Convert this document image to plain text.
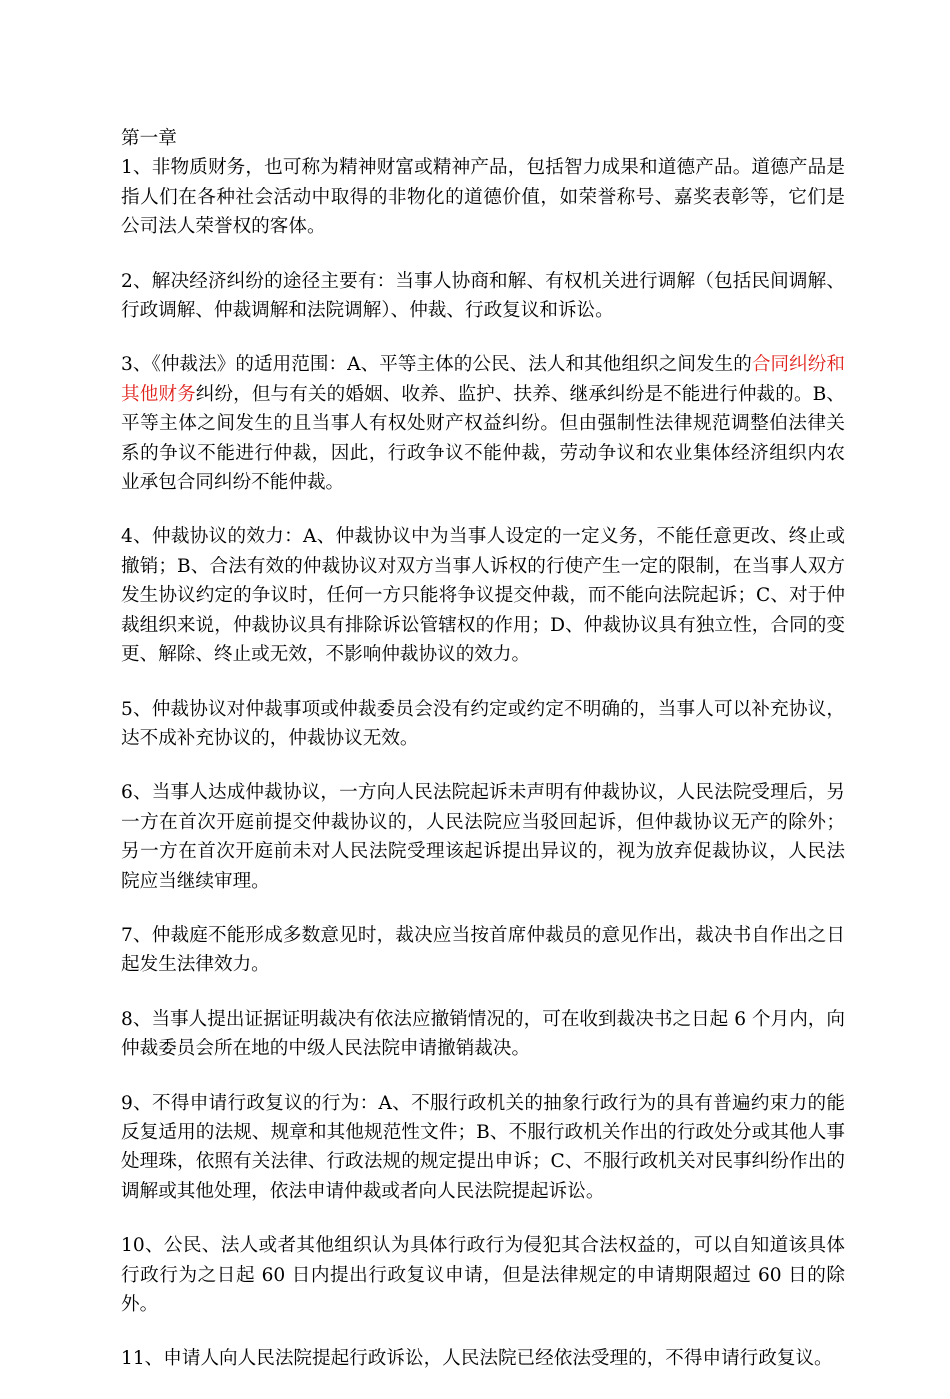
第一章

1、非物质财务，也可称为精神财富或精神产品，包括智力成果和道德产品。道德产品是指人们在各种社会活动中取得的非物化的道德价值，如荣誉称号、嘉奖表彰等，它们是公司法人荣誉权的客体。

2、解决经济纠纷的途径主要有：当事人协商和解、有权机关进行调解（包括民间调解、行政调解、仲裁调解和法院调解）、仲裁、行政复议和诉讼。

3、《仲裁法》的适用范围：A、平等主体的公民、法人和其他组织之间发生的合同纠纷和其他财务纠纷，但与有关的婚姻、收养、监护、扶养、继承纠纷是不能进行仲裁的。B、平等主体之间发生的且当事人有权处财产权益纠纷。但由强制性法律规范调整伯法律关系的争议不能进行仲裁，因此，行政争议不能仲裁，劳动争议和农业集体经济组织内农业承包合同纠纷不能仲裁。

4、仲裁协议的效力：A、仲裁协议中为当事人设定的一定义务，不能任意更改、终止或撤销；B、合法有效的仲裁协议对双方当事人诉权的行使产生一定的限制，在当事人双方发生协议约定的争议时，任何一方只能将争议提交仲裁，而不能向法院起诉；C、对于仲裁组织来说，仲裁协议具有排除诉讼管辖权的作用；D、仲裁协议具有独立性，合同的变更、解除、终止或无效，不影响仲裁协议的效力。

5、仲裁协议对仲裁事项或仲裁委员会没有约定或约定不明确的，当事人可以补充协议，达不成补充协议的，仲裁协议无效。

6、当事人达成仲裁协议，一方向人民法院起诉未声明有仲裁协议，人民法院受理后，另一方在首次开庭前提交仲裁协议的，人民法院应当驳回起诉，但仲裁协议无产的除外；另一方在首次开庭前未对人民法院受理该起诉提出异议的，视为放弃促裁协议，人民法院应当继续审理。

7、仲裁庭不能形成多数意见时，裁决应当按首席仲裁员的意见作出，裁决书自作出之日起发生法律效力。

8、当事人提出证据证明裁决有依法应撤销情况的，可在收到裁决书之日起 6 个月内，向仲裁委员会所在地的中级人民法院申请撤销裁决。

9、不得申请行政复议的行为：A、不服行政机关的抽象行政行为的具有普遍约束力的能反复适用的法规、规章和其他规范性文件；B、不服行政机关作出的行政处分或其他人事处理珠，依照有关法律、行政法规的规定提出申诉；C、不服行政机关对民事纠纷作出的调解或其他处理，依法申请仲裁或者向人民法院提起诉讼。

10、公民、法人或者其他组织认为具体行政行为侵犯其合法权益的，可以自知道该具体行政行为之日起 60 日内提出行政复议申请，但是法律规定的申请期限超过 60 日的除外。

11、申请人向人民法院提起行政诉讼，人民法院已经依法受理的，不得申请行政复议。
